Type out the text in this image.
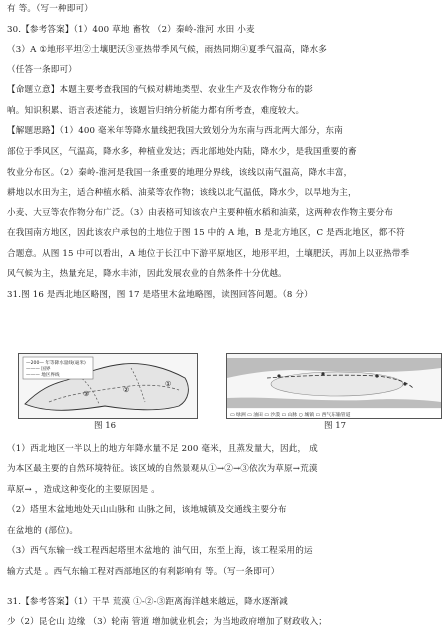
有 等。（写一种即可）
30.【参考答案】（1）400 草地 畜牧 （2）秦岭-淮河 水田 小麦
（3）A ①地形平坦②土壤肥沃③亚热带季风气候，雨热同期④夏季气温高，降水多
（任答一条即可）
【命题立意】本题主要考查我国的气候对耕地类型、农业生产及农作物分布的影
响。知识积累、语言表述能力，该题旨归纳分析能力都有所考查，难度较大。
【解题思路】（1）400 毫米年等降水量线把我国大致划分为东南与西北两大部分，东南
部位于季风区，气温高，降水多，种植业发达；西北部地处内陆，降水少，是我国重要的畜
牧业分布区。（2）秦岭-淮河是我国一条重要的地理分界线，该线以南气温高，降水丰富，
耕地以水田为主，适合种植水稻、油菜等农作物；该线以北气温低，降水少，以旱地为主，
小麦、大豆等农作物分布广泛。（3）由表格可知该农户主要种植水稻和油菜，这两种农作物主要分布
在我国南方地区，因此该农户承包的土地位于图 15 中的 A 地，B 是北方地区，C 是西北地区，都不符
合题意。从图 15 中可以看出，A 地位于长江中下游平原地区，地形平坦，土壤肥沃，再加上以亚热带季
风气候为主，热量充足，降水丰沛，因此发展农业的自然条件十分优越。
31.图 16 是西北地区略图，图 17 是塔里木盆地略图，读图回答问题。（8 分）
—200— 年等降水量线(毫米)
——— 国界
——— 地区界线
①
②
③
图 16
▭ 绿洲 ▭ 油田 ▭ 沙漠 ▭ 山脉 ○ 城镇 ▭ 西气东输管道
图 17
（1）西北地区一半以上的地方年降水量不足 200 毫米，且蒸发量大，因此， 成
为本区最主要的自然环境特征。该区域的自然景观从①→②→③依次为草原→荒漠
草原→ ，造成这种变化的主要原因是 。
（2）塔里木盆地地处天山山脉和 山脉之间，该地城镇及交通线主要分布
在盆地的 (部位)。
（3）西气东输一线工程西起塔里木盆地的 油气田，东至上海，该工程采用的运
输方式是 。西气东输工程对西部地区的有利影响有 等。（写一条即可）
31.【参考答案】（1）干旱 荒漠 ①-②-③距离海洋越来越远，降水逐渐减
少（2）昆仑山 边缘 （3）轮南 管道 增加就业机会；为当地政府增加了财政收入；
